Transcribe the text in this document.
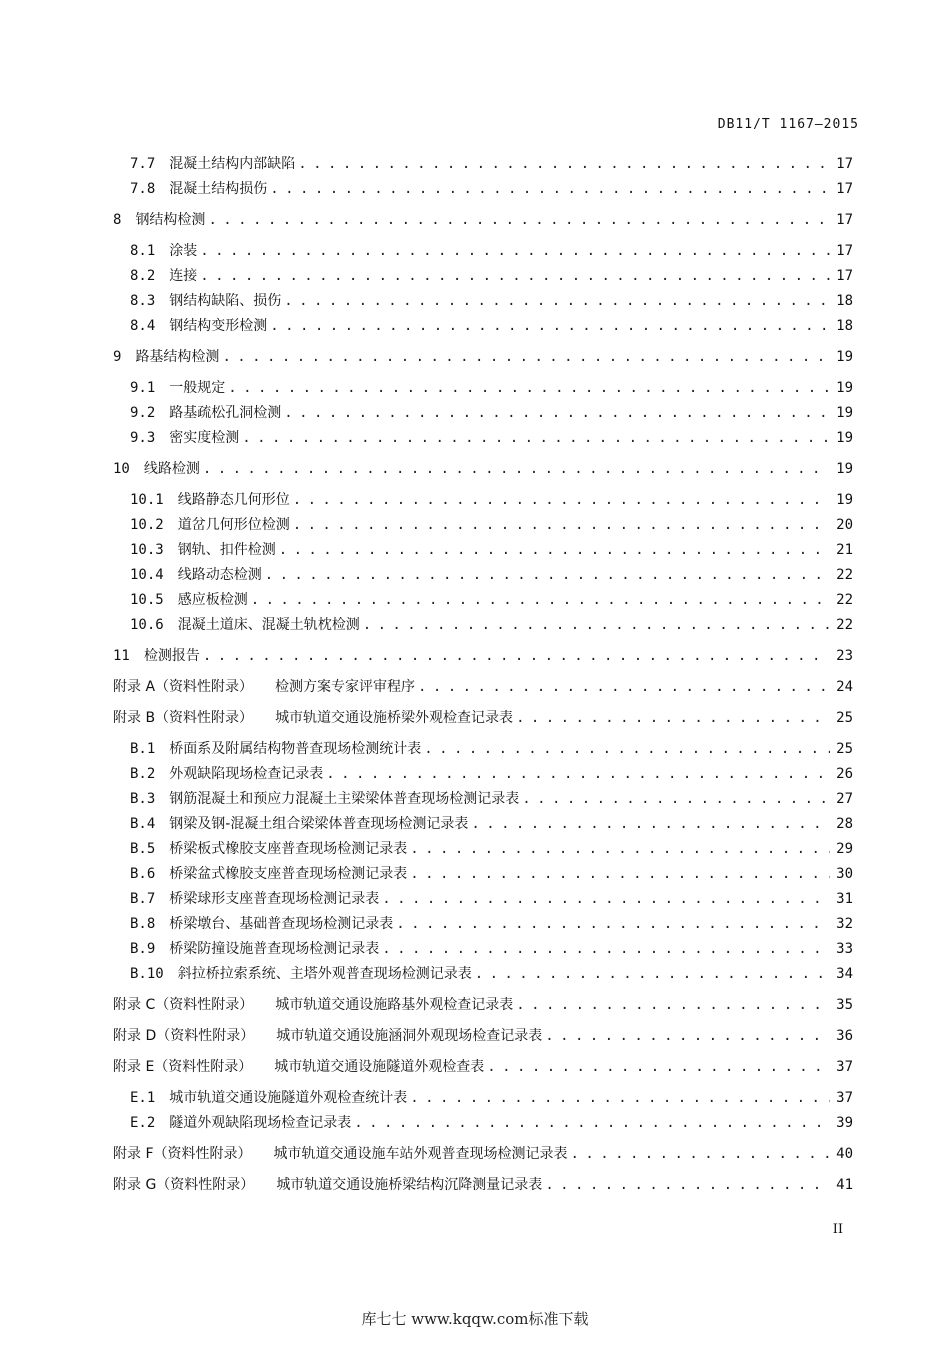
DB11/T 1167—2015
7.7 混凝土结构内部缺陷 . . .	17
7.8 混凝土结构损伤 . . .	17
8 钢结构检测 . . .	17
8.1 涂装 . . .	17
8.2 连接 . . .	17
8.3 钢结构缺陷、损伤 . . .	18
8.4 钢结构变形检测 . . .	18
9 路基结构检测 . . .	19
9.1 一般规定 . . .	19
9.2 路基疏松孔洞检测 . . .	19
9.3 密实度检测 . . .	19
10 线路检测 . . .	19
10.1 线路静态几何形位 . . .	19
10.2 道岔几何形位检测 . . .	20
10.3 钢轨、扣件检测 . . .	21
10.4 线路动态检测 . . .	22
10.5 感应板检测 . . .	22
10.6 混凝土道床、混凝土轨枕检测 . . .	22
11 检测报告 . . .	23
附录 A（资料性附录） 检测方案专家评审程序 . . .	24
附录 B（资料性附录） 城市轨道交通设施桥梁外观检查记录表 . . .	25
B.1 桥面系及附属结构物普查现场检测统计表 . . .	25
B.2 外观缺陷现场检查记录表 . . .	26
B.3 钢筋混凝土和预应力混凝土主梁梁体普查现场检测记录表 . . .	27
B.4 钢梁及钢-混凝土组合梁梁体普查现场检测记录表 . . .	28
B.5 桥梁板式橡胶支座普查现场检测记录表 . . .	29
B.6 桥梁盆式橡胶支座普查现场检测记录表 . . .	30
B.7 桥梁球形支座普查现场检测记录表 . . .	31
B.8 桥梁墩台、基础普查现场检测记录表 . . .	32
B.9 桥梁防撞设施普查现场检测记录表 . . .	33
B.10 斜拉桥拉索系统、主塔外观普查现场检测记录表 . . .	34
附录 C（资料性附录） 城市轨道交通设施路基外观检查记录表 . . .	35
附录 D（资料性附录） 城市轨道交通设施涵洞外观现场检查记录表 . . .	36
附录 E（资料性附录） 城市轨道交通设施隧道外观检查表 . . .	37
E.1 城市轨道交通设施隧道外观检查统计表 . . .	37
E.2 隧道外观缺陷现场检查记录表 . . .	39
附录 F（资料性附录） 城市轨道交通设施车站外观普查现场检测记录表 . . .	40
附录 G（资料性附录） 城市轨道交通设施桥梁结构沉降测量记录表 . . .	41
II
库七七 www.kqqw.com标准下载
